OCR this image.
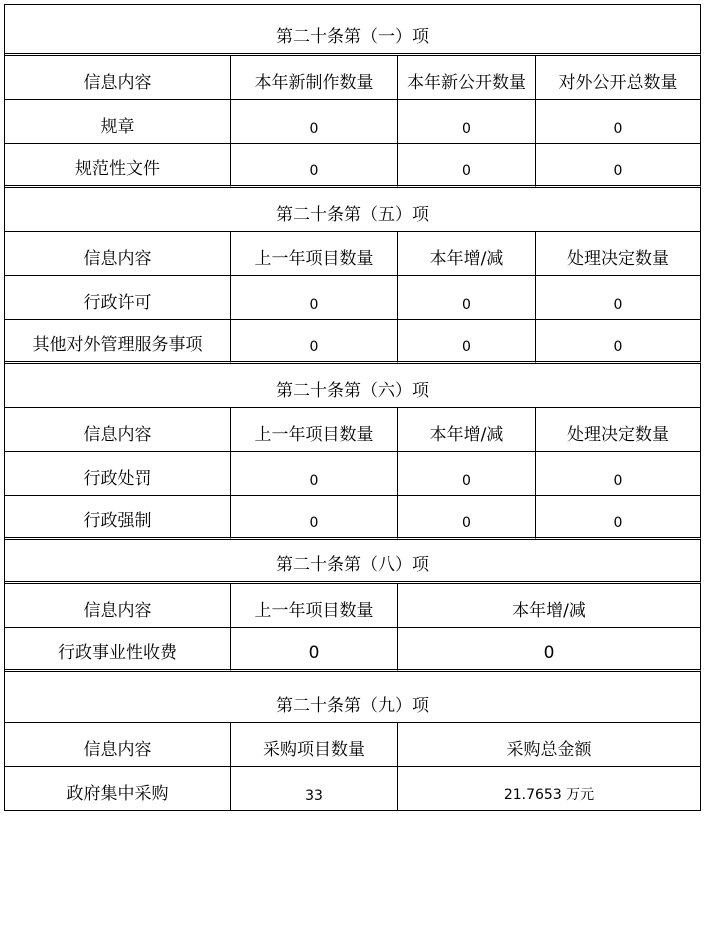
第二十条第（一）项			
信息内容	本年新制作数量	本年新公开数量	对外公开总数量
规章	0	0	0
规范性文件	0	0	0
第二十条第（五）项			
信息内容	上一年项目数量	本年增/减	处理决定数量
行政许可	0	0	0
其他对外管理服务事项	0	0	0
第二十条第（六）项			
信息内容	上一年项目数量	本年增/减	处理决定数量
行政处罚	0	0	0
行政强制	0	0	0
第二十条第（八）项			
信息内容	上一年项目数量	本年增/减	
行政事业性收费	0	0	
第二十条第（九）项			
信息内容	采购项目数量	采购总金额	
政府集中采购	33	21.7653 万元	
